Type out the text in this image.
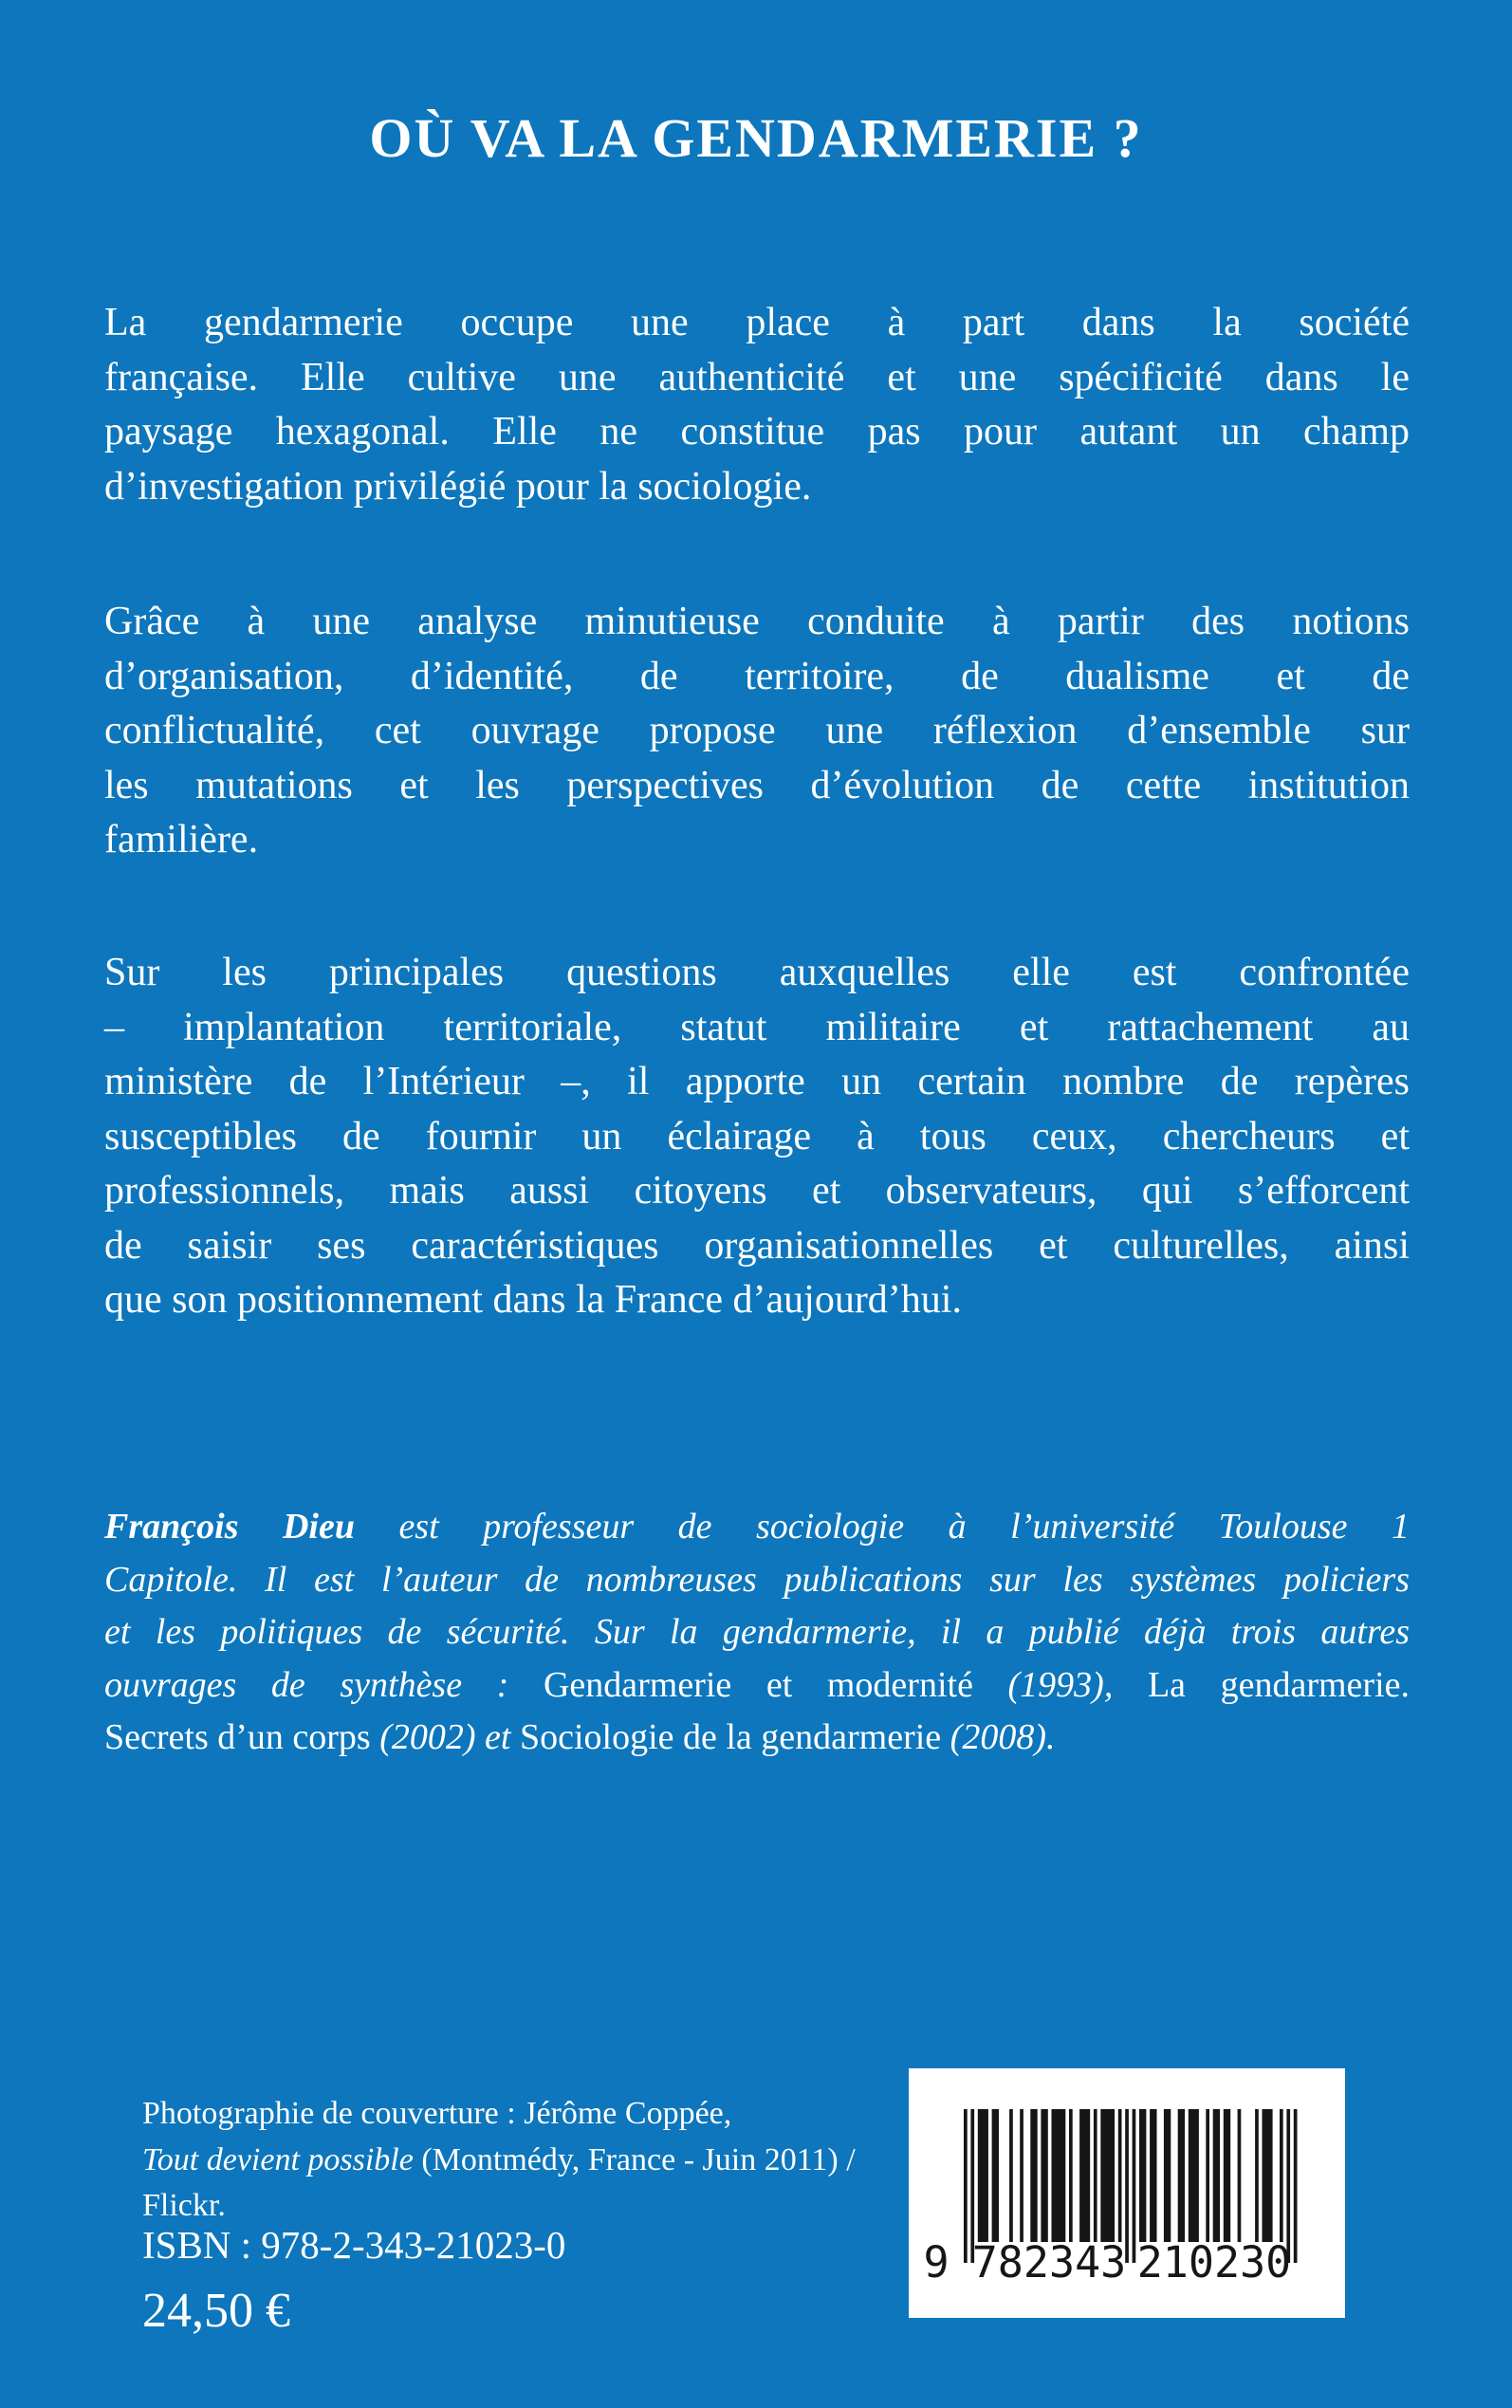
OÙ VA LA GENDARMERIE ?
La gendarmerie occupe une place à part dans la société
française. Elle cultive une authenticité et une spécificité dans le
paysage hexagonal. Elle ne constitue pas pour autant un champ
d’investigation privilégié pour la sociologie.
Grâce à une analyse minutieuse conduite à partir des notions
d’organisation, d’identité, de territoire, de dualisme et de
conflictualité, cet ouvrage propose une réflexion d’ensemble sur
les mutations et les perspectives d’évolution de cette institution
familière.
Sur les principales questions auxquelles elle est confrontée
– implantation territoriale, statut militaire et rattachement au
ministère de l’Intérieur –, il apporte un certain nombre de repères
susceptibles de fournir un éclairage à tous ceux, chercheurs et
professionnels, mais aussi citoyens et observateurs, qui s’efforcent
de saisir ses caractéristiques organisationnelles et culturelles, ainsi
que son positionnement dans la France d’aujourd’hui.
François Dieu est professeur de sociologie à l’université Toulouse 1
Capitole. Il est l’auteur de nombreuses publications sur les systèmes policiers
et les politiques de sécurité. Sur la gendarmerie, il a publié déjà trois autres
ouvrages de synthèse : Gendarmerie et modernité (1993), La gendarmerie.
Secrets d’un corps (2002) et Sociologie de la gendarmerie (2008).
Photographie de couverture : Jérôme Coppée,
Tout devient possible (Montmédy, France - Juin 2011) /
Flickr.
ISBN : 978-2-343-21023-0
24,50 €
9 782343 210230
